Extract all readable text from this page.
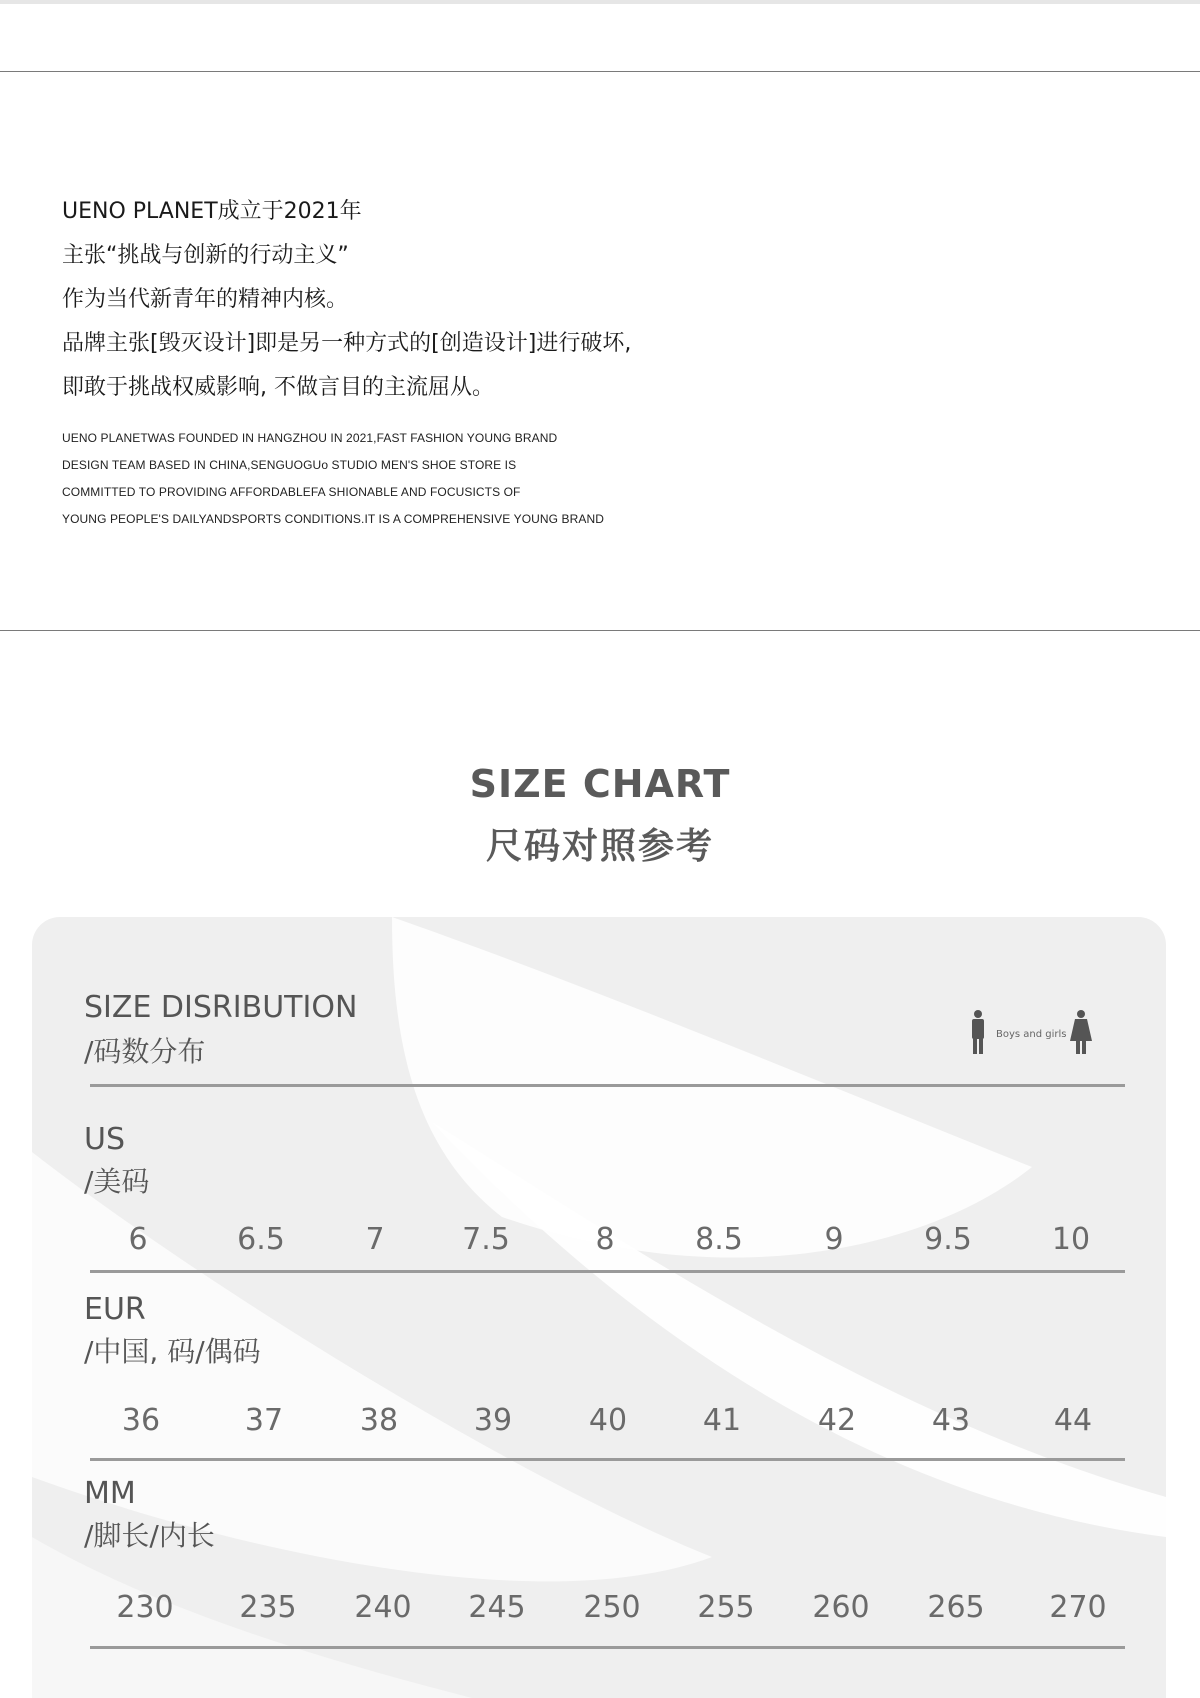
UENO PLANET成立于2021年
主张“挑战与创新的行动主义”
作为当代新青年的精神内核。
品牌主张[毁灭设计]即是另一种方式的[创造设计]进行破坏,
即敢于挑战权威影响, 不做言目的主流屈从。
UENO PLANETWAS FOUNDED IN HANGZHOU IN 2021,FAST FASHION YOUNG BRAND
DESIGN TEAM BASED IN CHINA,SENGUOGUo STUDIO MEN'S SHOE STORE IS
COMMITTED TO PROVIDING AFFORDABLEFA SHIONABLE AND FOCUSICTS OF
YOUNG PEOPLE'S DAILYANDSPORTS CONDITIONS.IT IS A COMPREHENSIVE YOUNG BRAND
SIZE CHART
尺码对照参考
SIZE DISRIBUTION
/码数分布
Boys and girls
US
/美码
6	6.5	7	7.5	8	8.5	9	9.5	10
EUR
/中国, 码/偶码
36	37	38	39	40	41	42	43	44
MM
/脚长/内长
230	235	240	245	250	255	260	265	270
